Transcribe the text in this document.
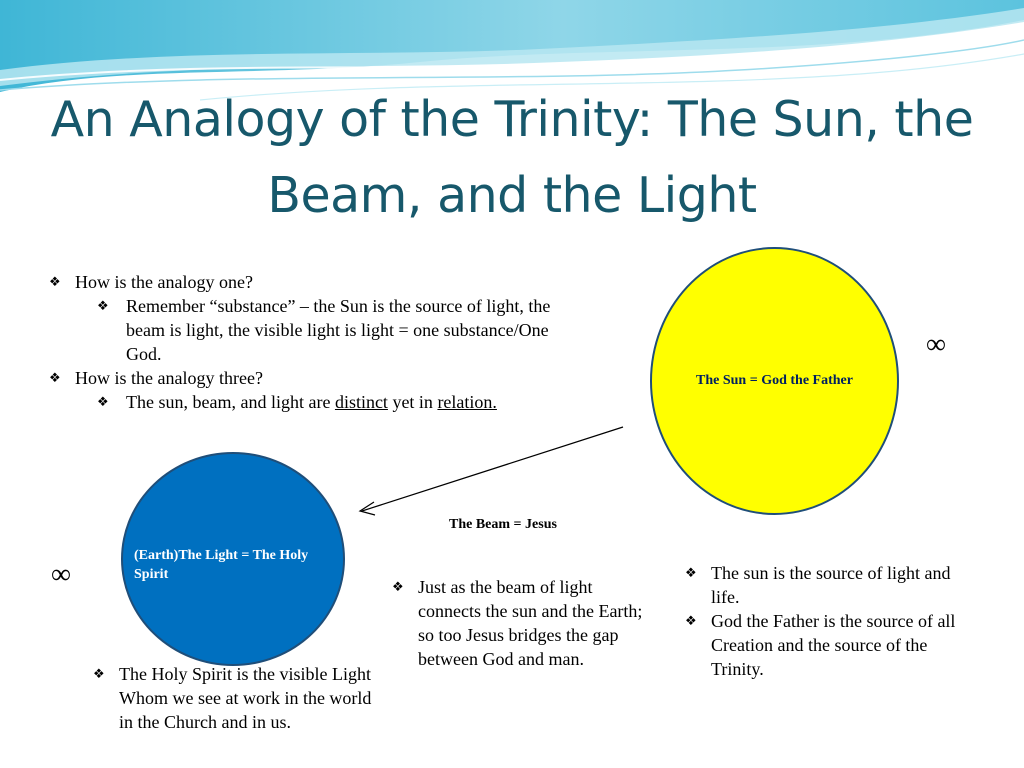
An Analogy of the Trinity: The Sun, the
Beam, and the Light
❖ How is the analogy one?
❖ Remember “substance” – the Sun is the source of light, the beam is light, the visible light is light = one substance/One God.
❖ How is the analogy three?
❖ The sun, beam, and light are distinct yet in relation.
The Sun = God the Father
∞
The Beam = Jesus
(Earth)The Light = The Holy Spirit
∞
❖ The Holy Spirit is the visible Light Whom we see at work in the world in the Church and in us.
❖ Just as the beam of light connects the sun and the Earth; so too Jesus bridges the gap between God and man.
❖ The sun is the source of light and life.
❖ God the Father is the source of all Creation and the source of the Trinity.
